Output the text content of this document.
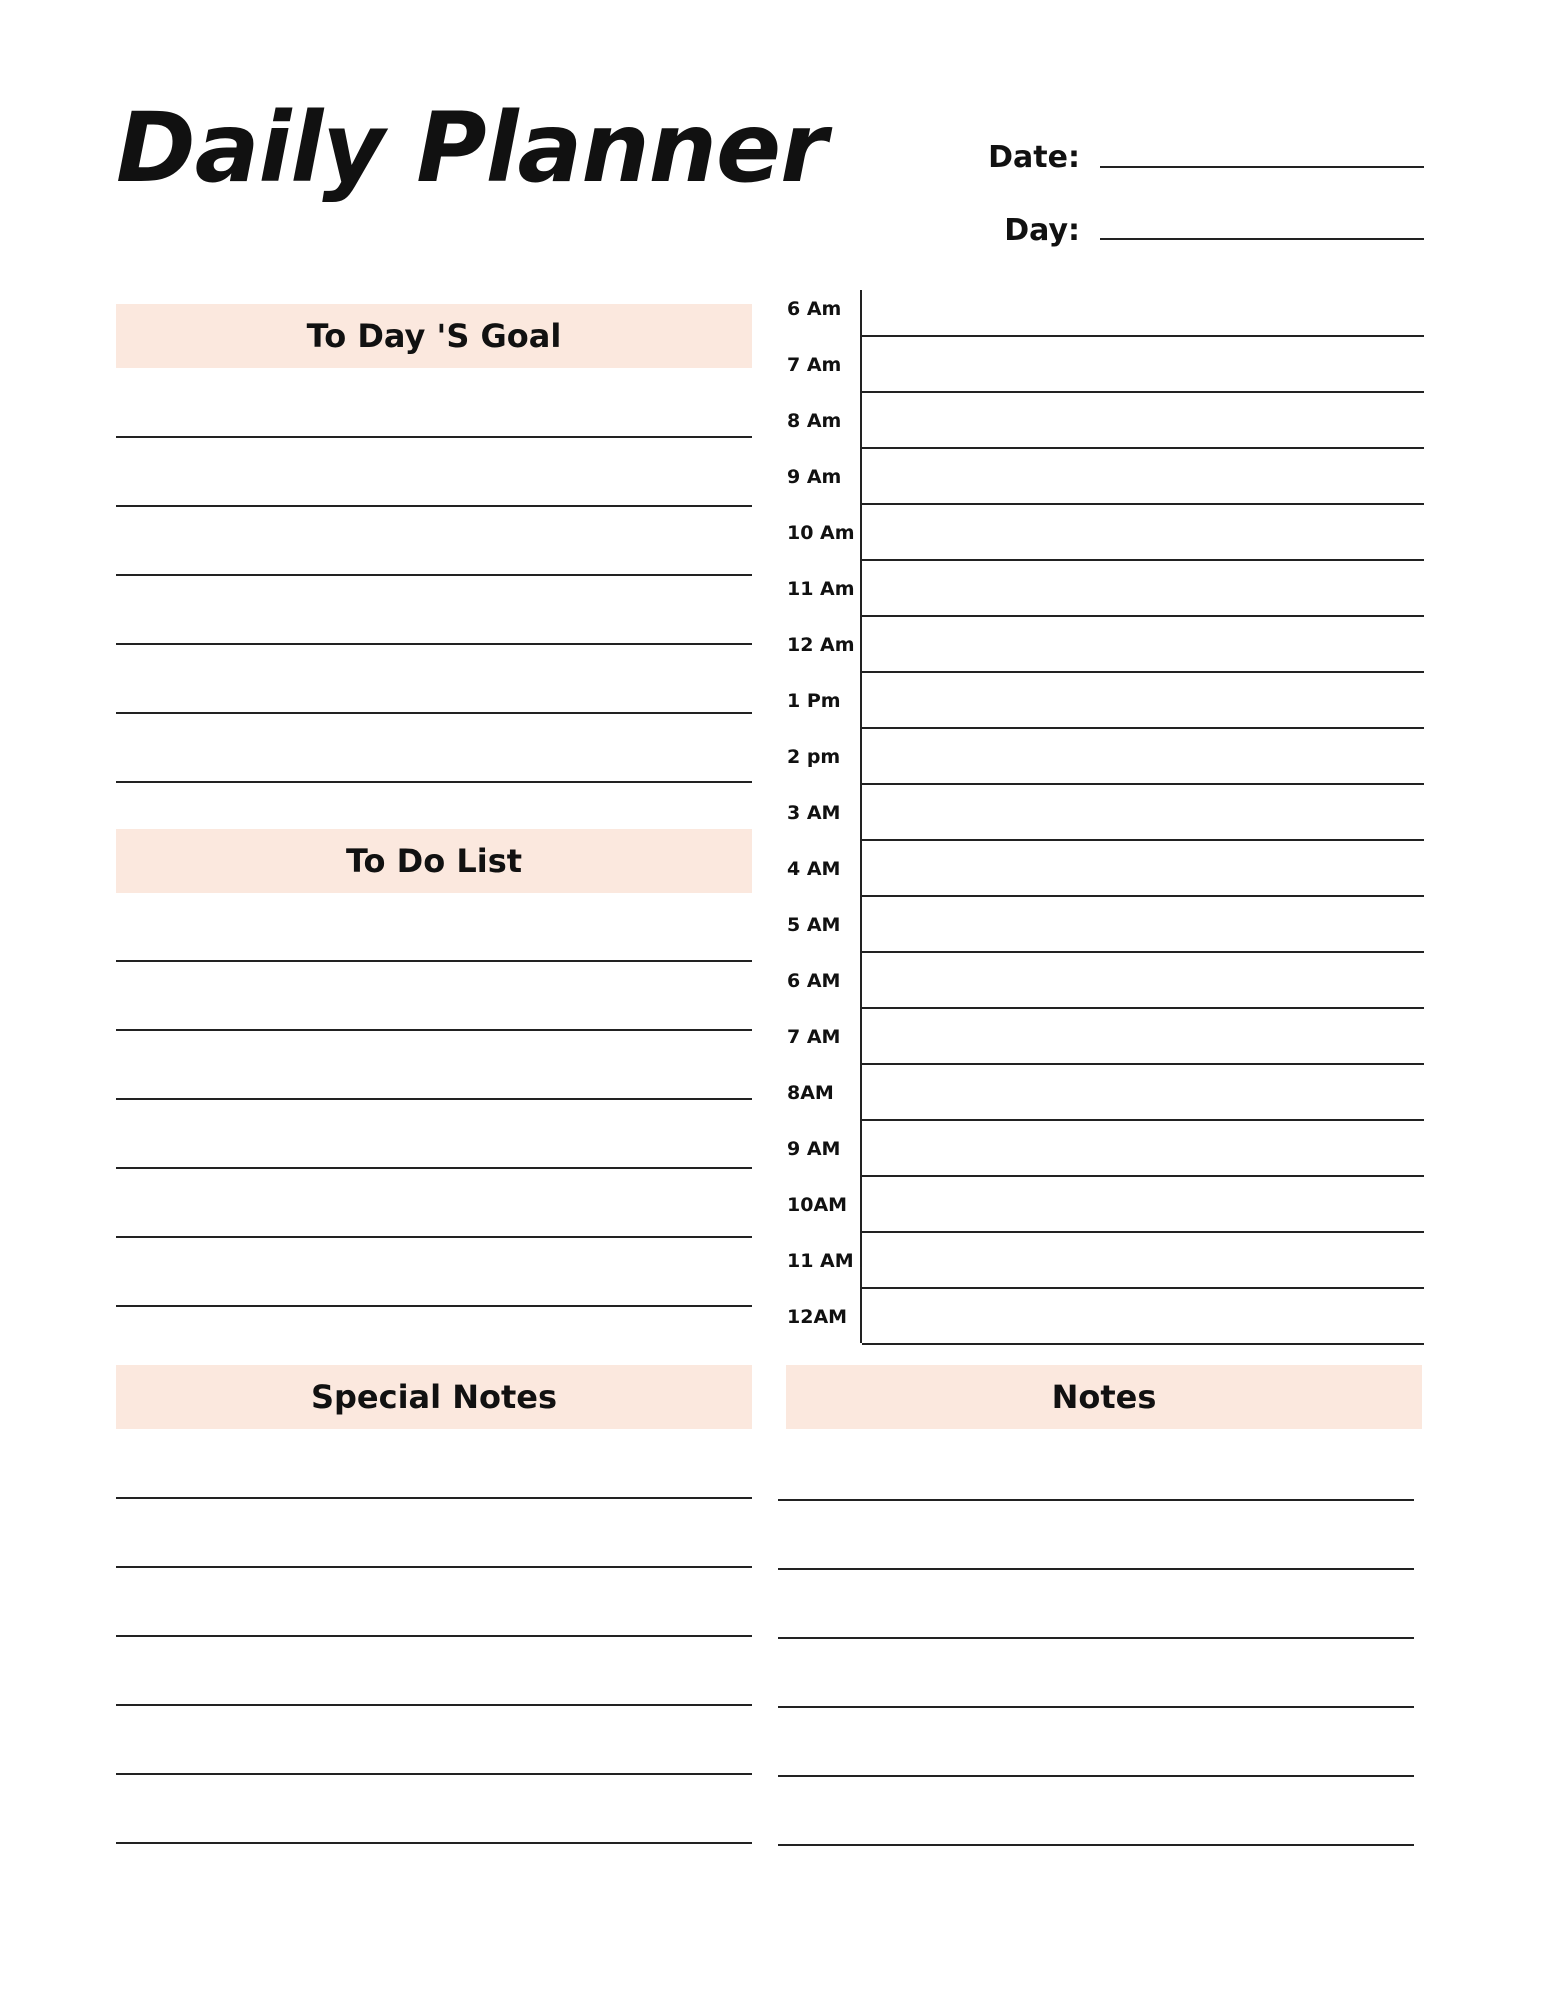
Daily Planner	Date:
Day:
To Day 'S Goal
To Do List
6 Am
7 Am
8 Am
9 Am
10 Am
11 Am
12 Am
1 Pm
2 pm
3 AM
4 AM
5 AM
6 AM
7 AM
8AM
9 AM
10AM
11 AM
12AM
Special Notes	Notes
